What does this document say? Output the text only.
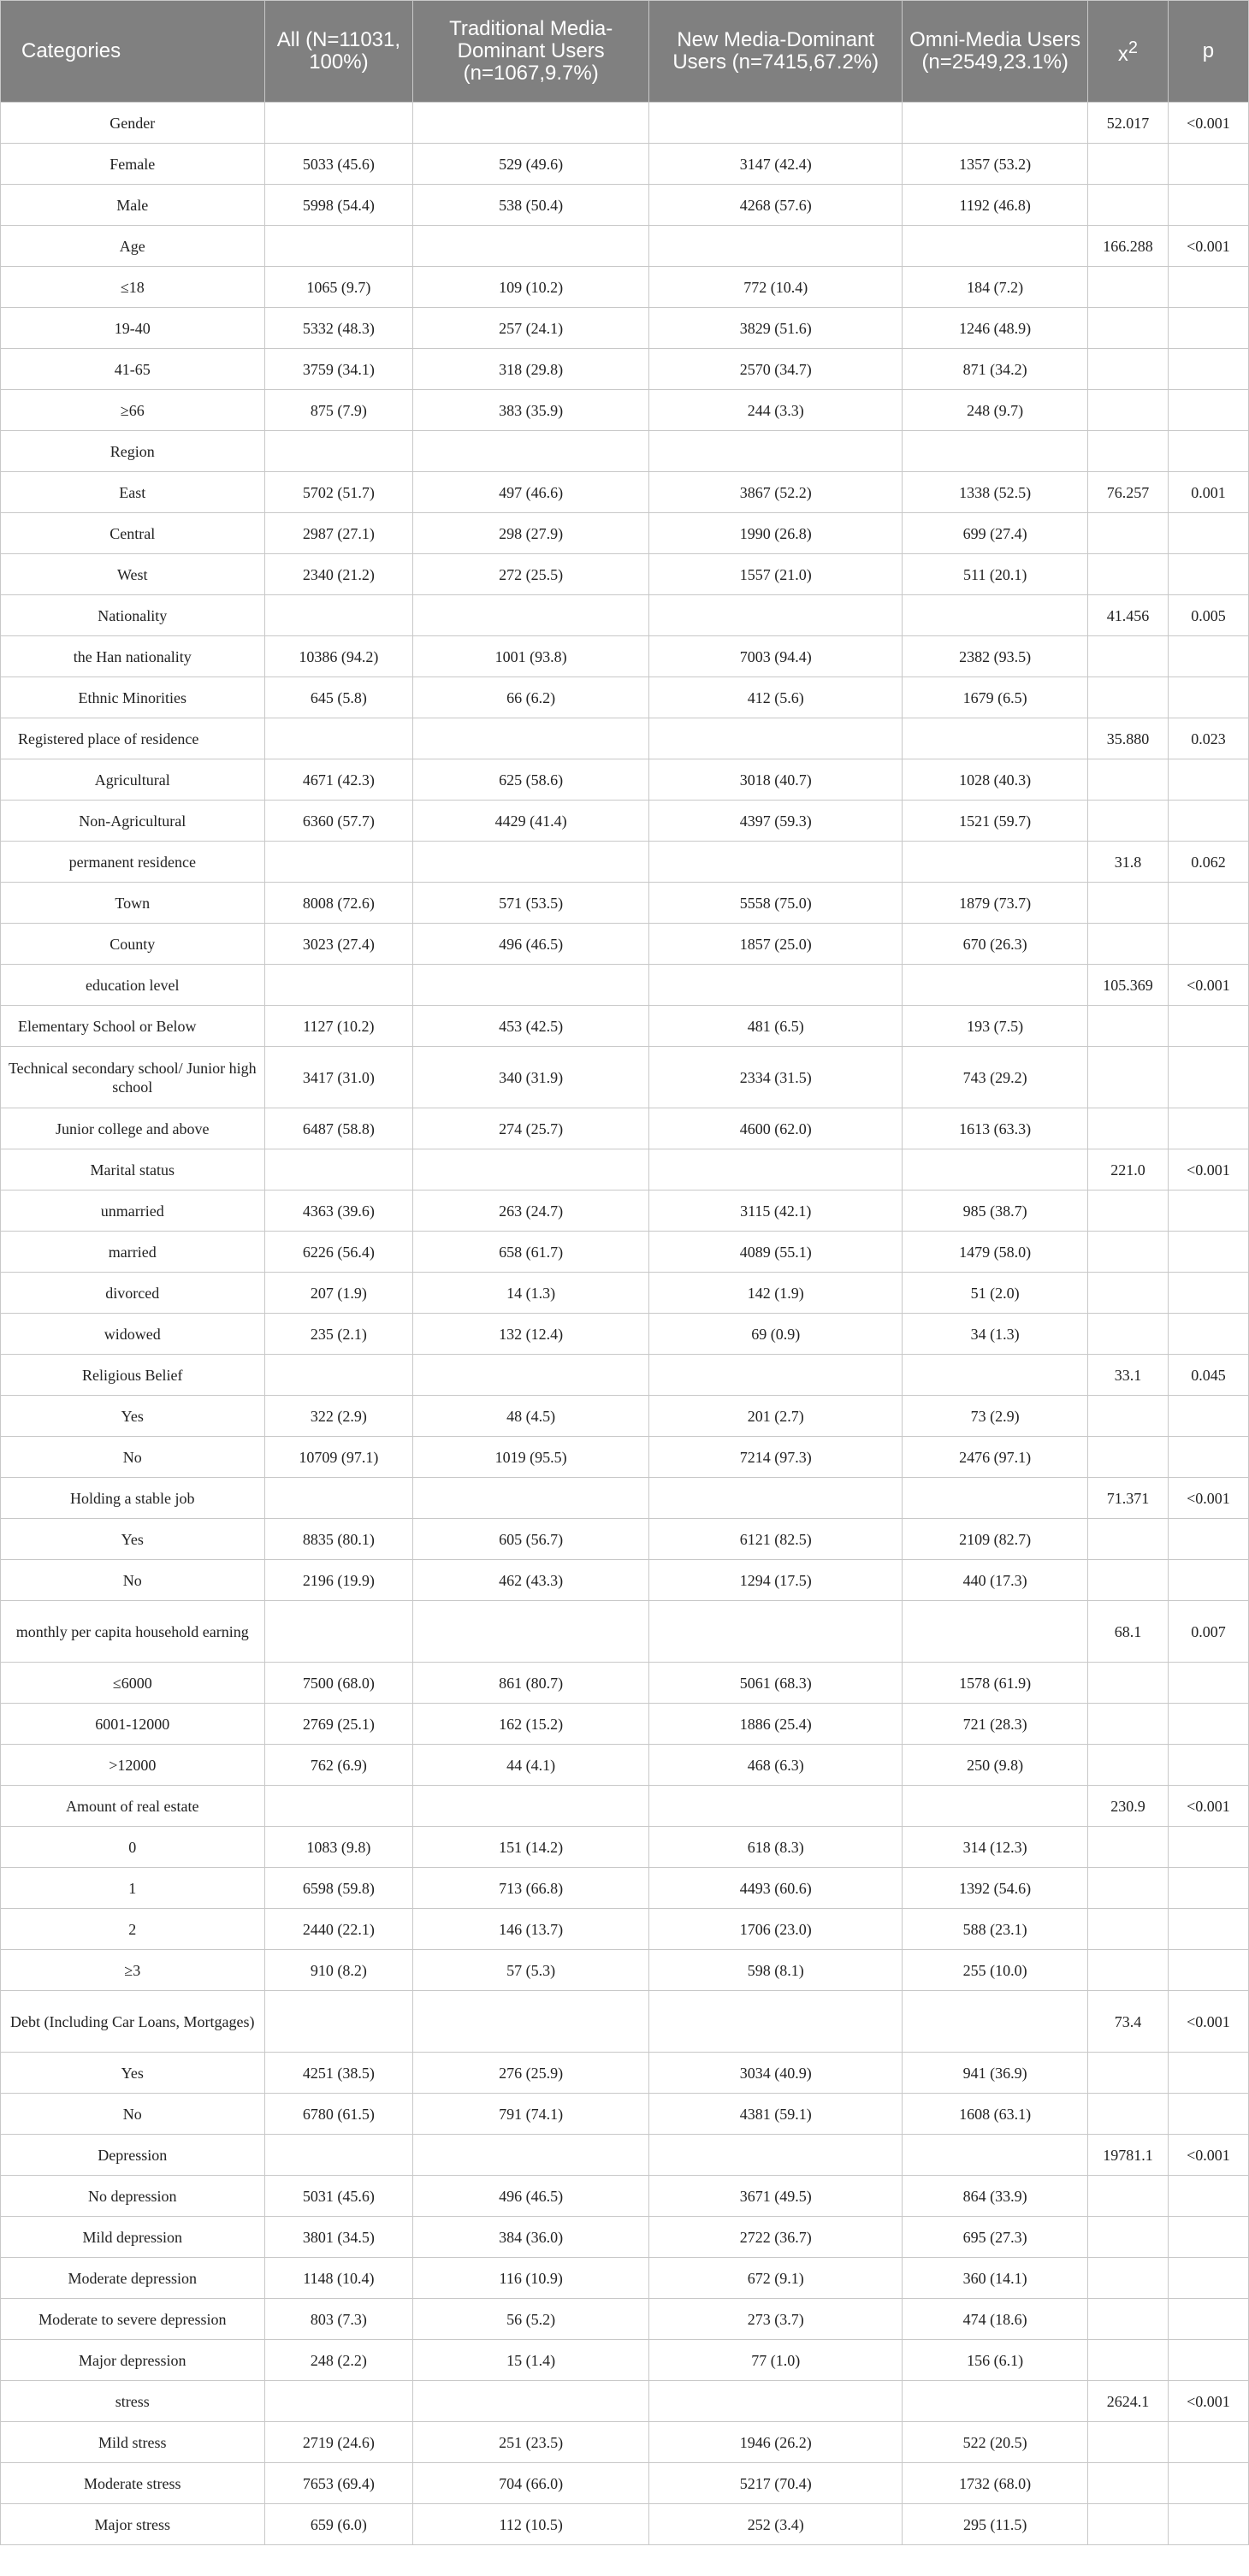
Categories	All (N=11031, 100%)	Traditional Media-Dominant Users (n=1067,9.7%)	New Media-Dominant Users (n=7415,67.2%)	Omni-Media Users (n=2549,23.1%)	$x^2$	p
Gender					52.017	<0.001
Female	5033 (45.6)	529 (49.6)	3147 (42.4)	1357 (53.2)		
Male	5998 (54.4)	538 (50.4)	4268 (57.6)	1192 (46.8)		
Age					166.288	<0.001
≤18	1065 (9.7)	109 (10.2)	772 (10.4)	184 (7.2)		
19-40	5332 (48.3)	257 (24.1)	3829 (51.6)	1246 (48.9)		
41-65	3759 (34.1)	318 (29.8)	2570 (34.7)	871 (34.2)		
≥66	875 (7.9)	383 (35.9)	244 (3.3)	248 (9.7)		
Region						
East	5702 (51.7)	497 (46.6)	3867 (52.2)	1338 (52.5)	76.257	0.001
Central	2987 (27.1)	298 (27.9)	1990 (26.8)	699 (27.4)		
West	2340 (21.2)	272 (25.5)	1557 (21.0)	511 (20.1)		
Nationality					41.456	0.005
the Han nationality	10386 (94.2)	1001 (93.8)	7003 (94.4)	2382 (93.5)		
Ethnic Minorities	645 (5.8)	66 (6.2)	412 (5.6)	1679 (6.5)		
Registered place of residence					35.880	0.023
Agricultural	4671 (42.3)	625 (58.6)	3018 (40.7)	1028 (40.3)		
Non-Agricultural	6360 (57.7)	4429 (41.4)	4397 (59.3)	1521 (59.7)		
permanent residence					31.8	0.062
Town	8008 (72.6)	571 (53.5)	5558 (75.0)	1879 (73.7)		
County	3023 (27.4)	496 (46.5)	1857 (25.0)	670 (26.3)		
education level					105.369	<0.001
Elementary School or Below	1127 (10.2)	453 (42.5)	481 (6.5)	193 (7.5)		
Technical secondary school/ Junior high school	3417 (31.0)	340 (31.9)	2334 (31.5)	743 (29.2)		
Junior college and above	6487 (58.8)	274 (25.7)	4600 (62.0)	1613 (63.3)		
Marital status					221.0	<0.001
unmarried	4363 (39.6)	263 (24.7)	3115 (42.1)	985 (38.7)		
married	6226 (56.4)	658 (61.7)	4089 (55.1)	1479 (58.0)		
divorced	207 (1.9)	14 (1.3)	142 (1.9)	51 (2.0)		
widowed	235 (2.1)	132 (12.4)	69 (0.9)	34 (1.3)		
Religious Belief					33.1	0.045
Yes	322 (2.9)	48 (4.5)	201 (2.7)	73 (2.9)		
No	10709 (97.1)	1019 (95.5)	7214 (97.3)	2476 (97.1)		
Holding a stable job					71.371	<0.001
Yes	8835 (80.1)	605 (56.7)	6121 (82.5)	2109 (82.7)		
No	2196 (19.9)	462 (43.3)	1294 (17.5)	440 (17.3)		
monthly per capita household earning					68.1	0.007
≤6000	7500 (68.0)	861 (80.7)	5061 (68.3)	1578 (61.9)		
6001-12000	2769 (25.1)	162 (15.2)	1886 (25.4)	721 (28.3)		
>12000	762 (6.9)	44 (4.1)	468 (6.3)	250 (9.8)		
Amount of real estate					230.9	<0.001
0	1083 (9.8)	151 (14.2)	618 (8.3)	314 (12.3)		
1	6598 (59.8)	713 (66.8)	4493 (60.6)	1392 (54.6)		
2	2440 (22.1)	146 (13.7)	1706 (23.0)	588 (23.1)		
≥3	910 (8.2)	57 (5.3)	598 (8.1)	255 (10.0)		
Debt (Including Car Loans, Mortgages)					73.4	<0.001
Yes	4251 (38.5)	276 (25.9)	3034 (40.9)	941 (36.9)		
No	6780 (61.5)	791 (74.1)	4381 (59.1)	1608 (63.1)		
Depression					19781.1	<0.001
No depression	5031 (45.6)	496 (46.5)	3671 (49.5)	864 (33.9)		
Mild depression	3801 (34.5)	384 (36.0)	2722 (36.7)	695 (27.3)		
Moderate depression	1148 (10.4)	116 (10.9)	672 (9.1)	360 (14.1)		
Moderate to severe depression	803 (7.3)	56 (5.2)	273 (3.7)	474 (18.6)		
Major depression	248 (2.2)	15 (1.4)	77 (1.0)	156 (6.1)		
stress					2624.1	<0.001
Mild stress	2719 (24.6)	251 (23.5)	1946 (26.2)	522 (20.5)		
Moderate stress	7653 (69.4)	704 (66.0)	5217 (70.4)	1732 (68.0)		
Major stress	659 (6.0)	112 (10.5)	252 (3.4)	295 (11.5)		
